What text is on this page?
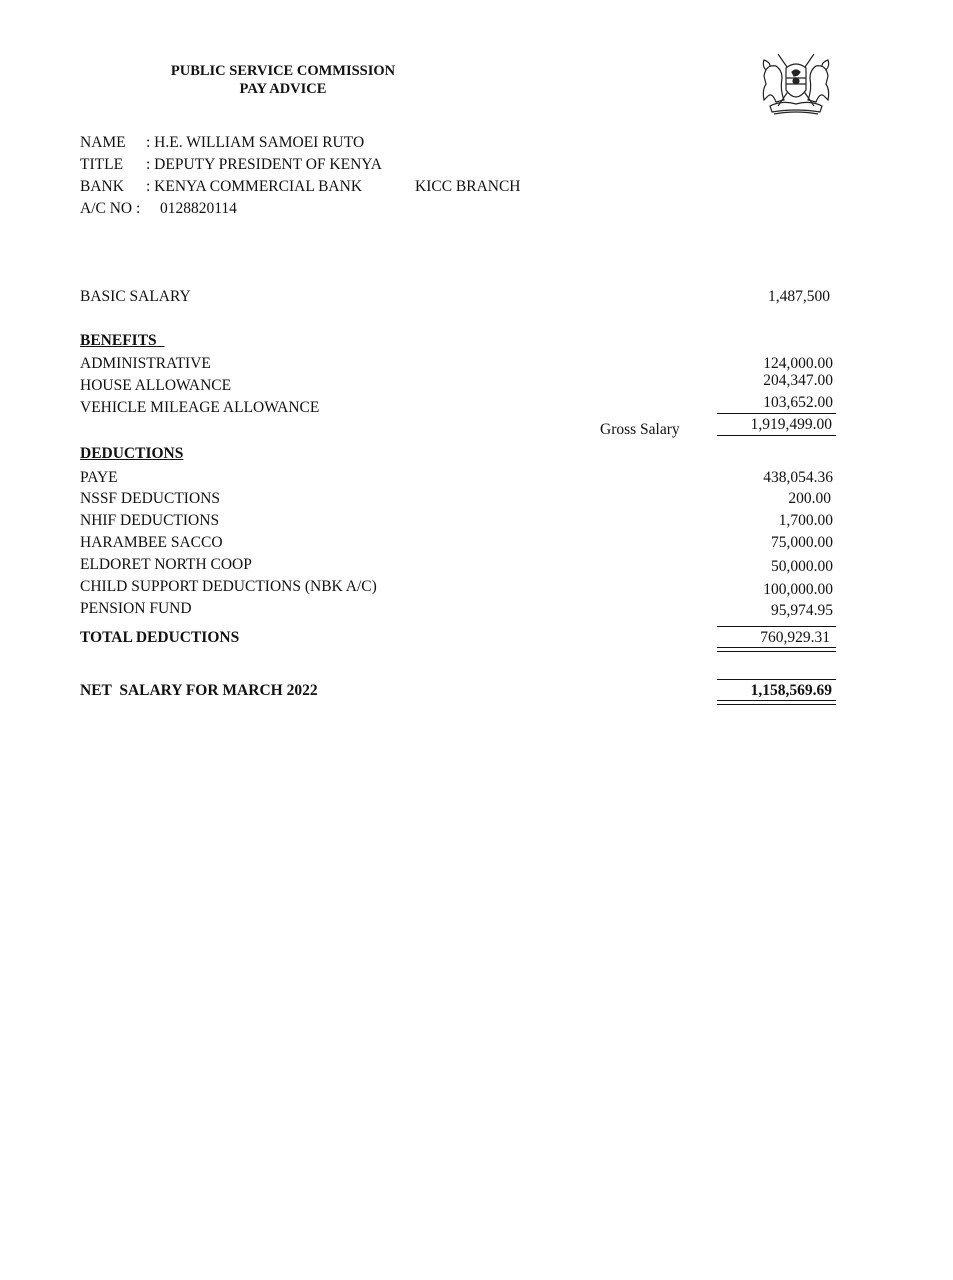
PUBLIC SERVICE COMMISSION
PAY ADVICE
NAME : H.E. WILLIAM SAMOEI RUTO
TITLE : DEPUTY PRESIDENT OF KENYA
BANK : KENYA COMMERCIAL BANK	KICC BRANCH
A/C NO : 0128820114
BASIC SALARY	1,487,500
BENEFITS
ADMINISTRATIVE	124,000.00
HOUSE ALLOWANCE	204,347.00
VEHICLE MILEAGE ALLOWANCE	103,652.00
Gross Salary	1,919,499.00
DEDUCTIONS
PAYE	438,054.36
NSSF DEDUCTIONS	200.00
NHIF DEDUCTIONS	1,700.00
HARAMBEE SACCO	75,000.00
ELDORET NORTH COOP	50,000.00
CHILD SUPPORT DEDUCTIONS (NBK A/C)	100,000.00
PENSION FUND	95,974.95
TOTAL DEDUCTIONS	760,929.31
NET  SALARY FOR MARCH 2022	1,158,569.69
